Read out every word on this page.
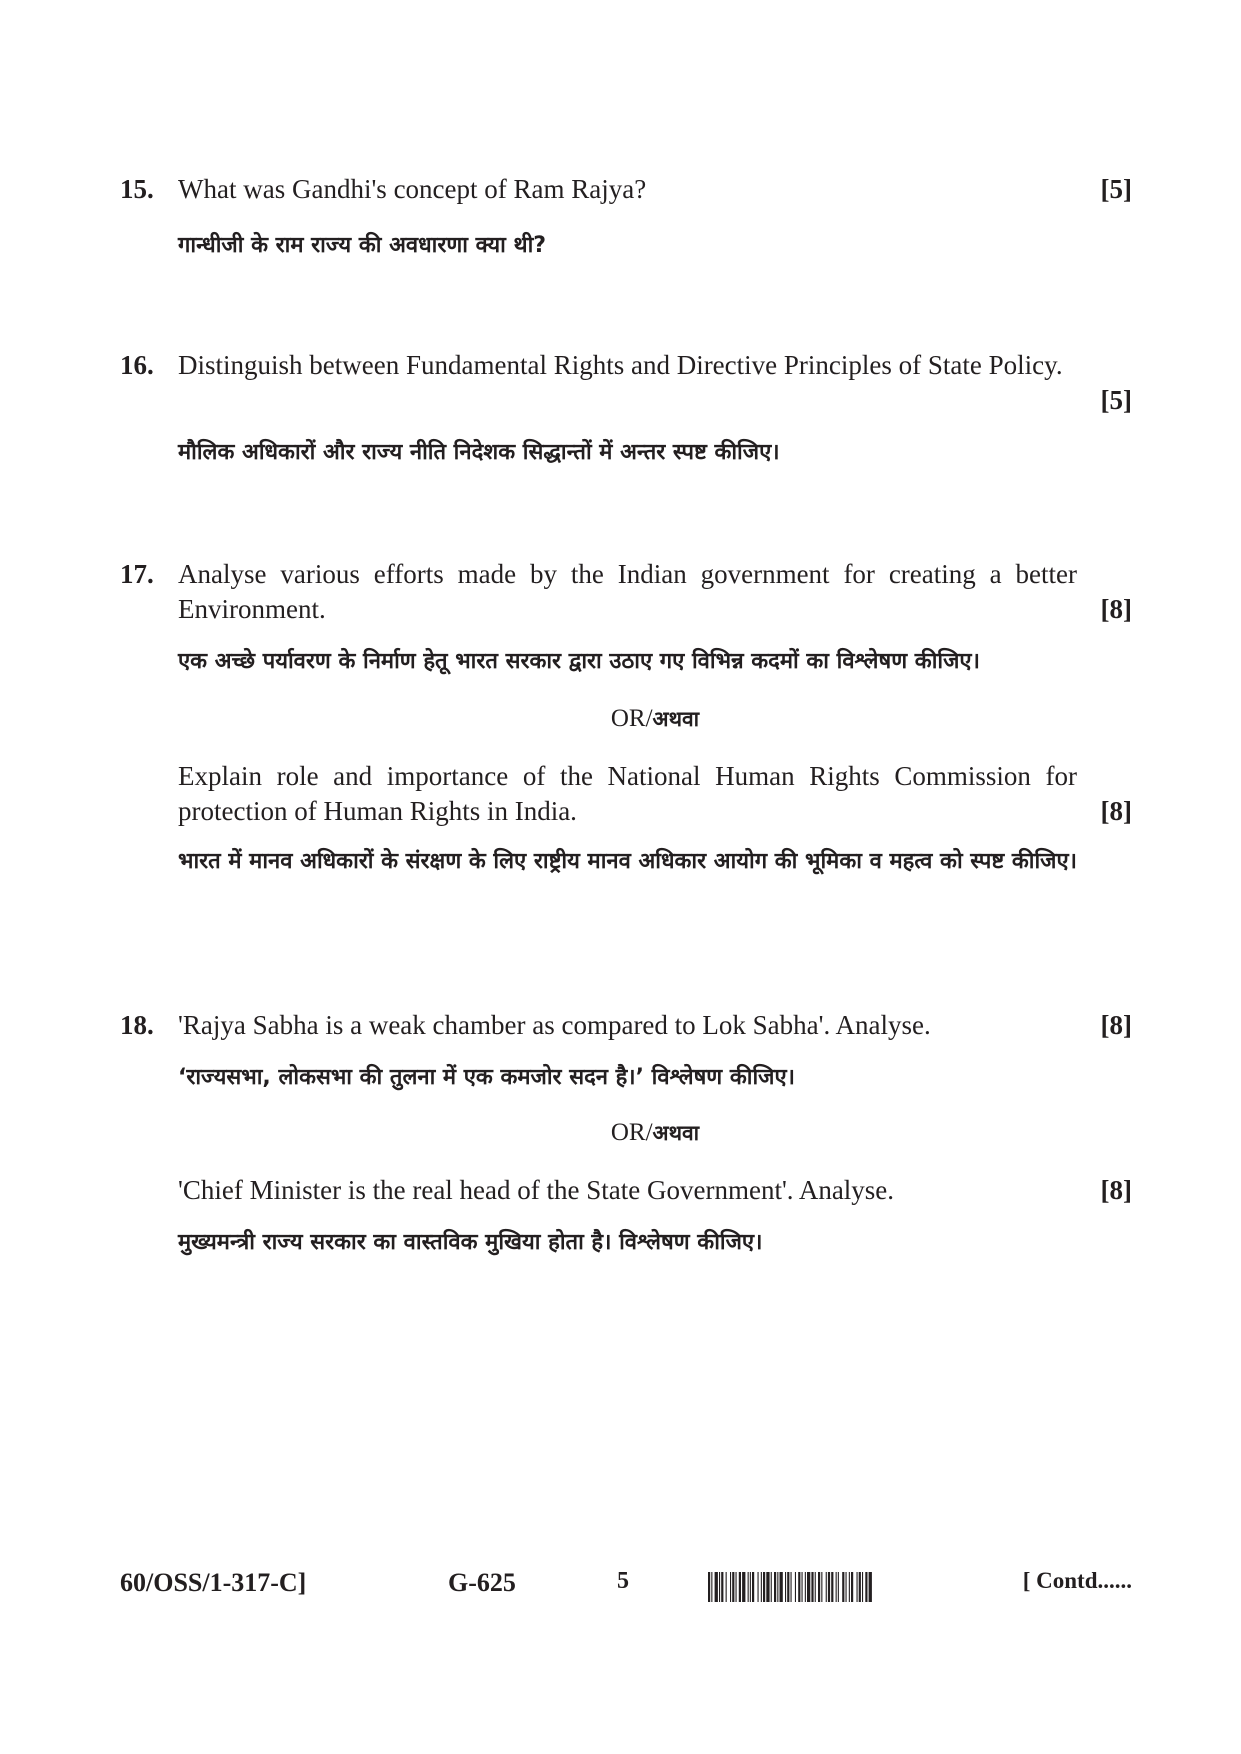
15. What was Gandhi's concept of Ram Rajya?	[5]
गान्धीजी के राम राज्य की अवधारणा क्या थी?
16. Distinguish between Fundamental Rights and Directive Principles of State Policy.
[5]
मौलिक अधिकारों और राज्य नीति निदेशक सिद्धान्तों में अन्तर स्पष्ट कीजिए।
17. Analyse various efforts made by the Indian government for creating a better Environment.	[8]
एक अच्छे पर्यावरण के निर्माण हेतू भारत सरकार द्वारा उठाए गए विभिन्न कदमों का विश्लेषण कीजिए।
OR/अथवा
Explain role and importance of the National Human Rights Commission for protection of Human Rights in India.	[8]
भारत में मानव अधिकारों के संरक्षण के लिए राष्ट्रीय मानव अधिकार आयोग की भूमिका व महत्व को स्पष्ट कीजिए।
18. 'Rajya Sabha is a weak chamber as compared to Lok Sabha'. Analyse.	[8]
‘राज्यसभा, लोकसभा की तुलना में एक कमजोर सदन है।’ विश्लेषण कीजिए।
OR/अथवा
'Chief Minister is the real head of the State Government'. Analyse.	[8]
मुख्यमन्त्री राज्य सरकार का वास्तविक मुखिया होता है। विश्लेषण कीजिए।
60/OSS/1-317-C]	G-625	5	[ Contd......
